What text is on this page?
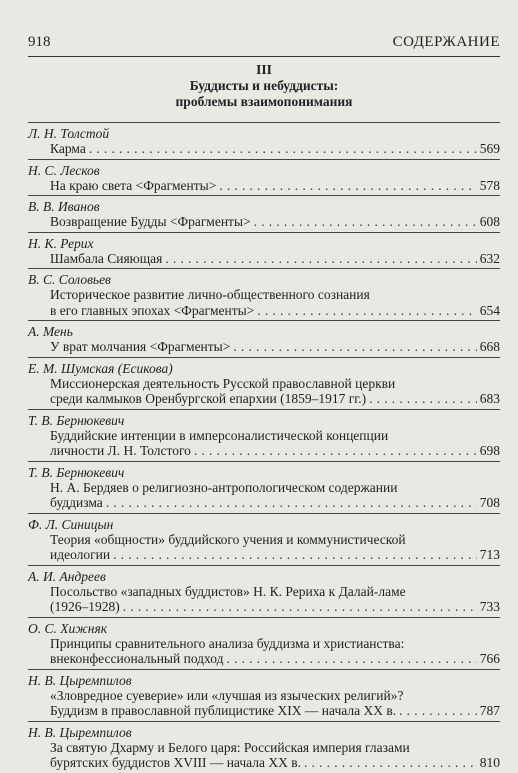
918	СОДЕРЖАНИЕ
III
Буддисты и небуддисты:
проблемы взаимопонимания
Л. Н. Толстой
Карма . . .	569
Н. С. Лесков
На краю света <Фрагменты> . . .	578
В. В. Иванов
Возвращение Будды <Фрагменты> . . .	608
Н. К. Рерих
Шамбала Сияющая . . .	632
В. С. Соловьев
Историческое развитие лично-общественного сознания
в его главных эпохах <Фрагменты> . . .	654
А. Мень
У врат молчания <Фрагменты> . . .	668
Е. М. Шумская (Есикова)
Миссионерская деятельность Русской православной церкви
среди калмыков Оренбургской епархии (1859–1917 гг.) . . .	683
Т. В. Бернюкевич
Буддийские интенции в имперсоналистической концепции
личности Л. Н. Толстого . . .	698
Т. В. Бернюкевич
Н. А. Бердяев о религиозно-антропологическом содержании
буддизма . . .	708
Ф. Л. Синицын
Теория «общности» буддийского учения и коммунистической
идеологии . . .	713
А. И. Андреев
Посольство «западных буддистов» Н. К. Рериха к Далай-ламе
(1926–1928) . . .	733
О. С. Хижняк
Принципы сравнительного анализа буддизма и христианства:
внеконфессиональный подход . . .	766
Н. В. Цыремпилов
«Зловредное суеверие» или «лучшая из языческих религий»?
Буддизм в православной публицистике XIX — начала XX в. . . .	787
Н. В. Цыремпилов
За святую Дхарму и Белого царя: Российская империя глазами
бурятских буддистов XVIII — начала XX в. . . .	810
